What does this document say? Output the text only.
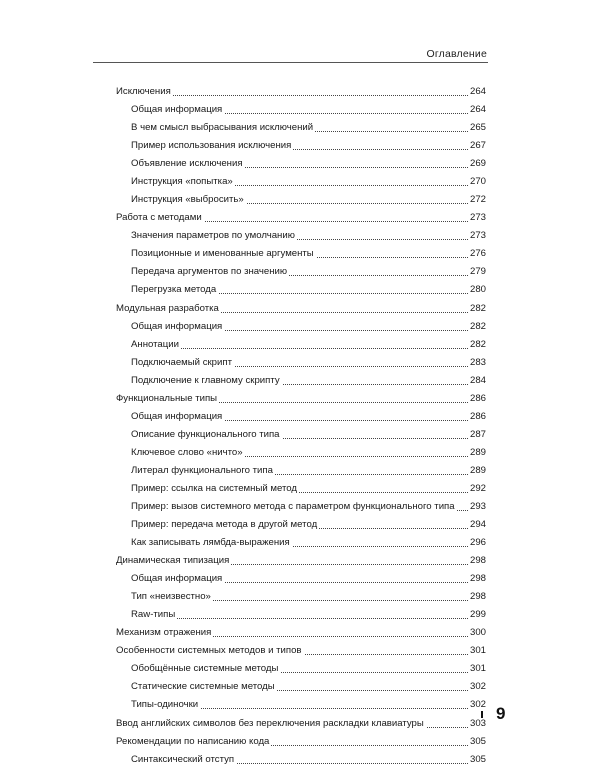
Оглавление
Исключения	264
Общая информация	264
В чем смысл выбрасывания исключений	265
Пример использования исключения	267
Объявление исключения	269
Инструкция «попытка»	270
Инструкция «выбросить»	272
Работа с методами	273
Значения параметров по умолчанию	273
Позиционные и именованные аргументы	276
Передача аргументов по значению	279
Перегрузка метода	280
Модульная разработка	282
Общая информация	282
Аннотации	282
Подключаемый скрипт	283
Подключение к главному скрипту	284
Функциональные типы	286
Общая информация	286
Описание функционального типа	287
Ключевое слово «ничто»	289
Литерал функционального типа	289
Пример: ссылка на системный метод	292
Пример: вызов системного метода с параметром функционального типа 293
Пример: передача метода в другой метод	294
Как записывать лямбда-выражения	296
Динамическая типизация	298
Общая информация	298
Тип «неизвестно»	298
Raw-типы	299
Механизм отражения	300
Особенности системных методов и типов	301
Обобщённые системные методы	301
Статические системные методы	302
Типы-одиночки	302
Ввод английских символов без переключения раскладки клавиатуры	303
Рекомендации по написанию кода	305
Синтаксический отступ	305
9
